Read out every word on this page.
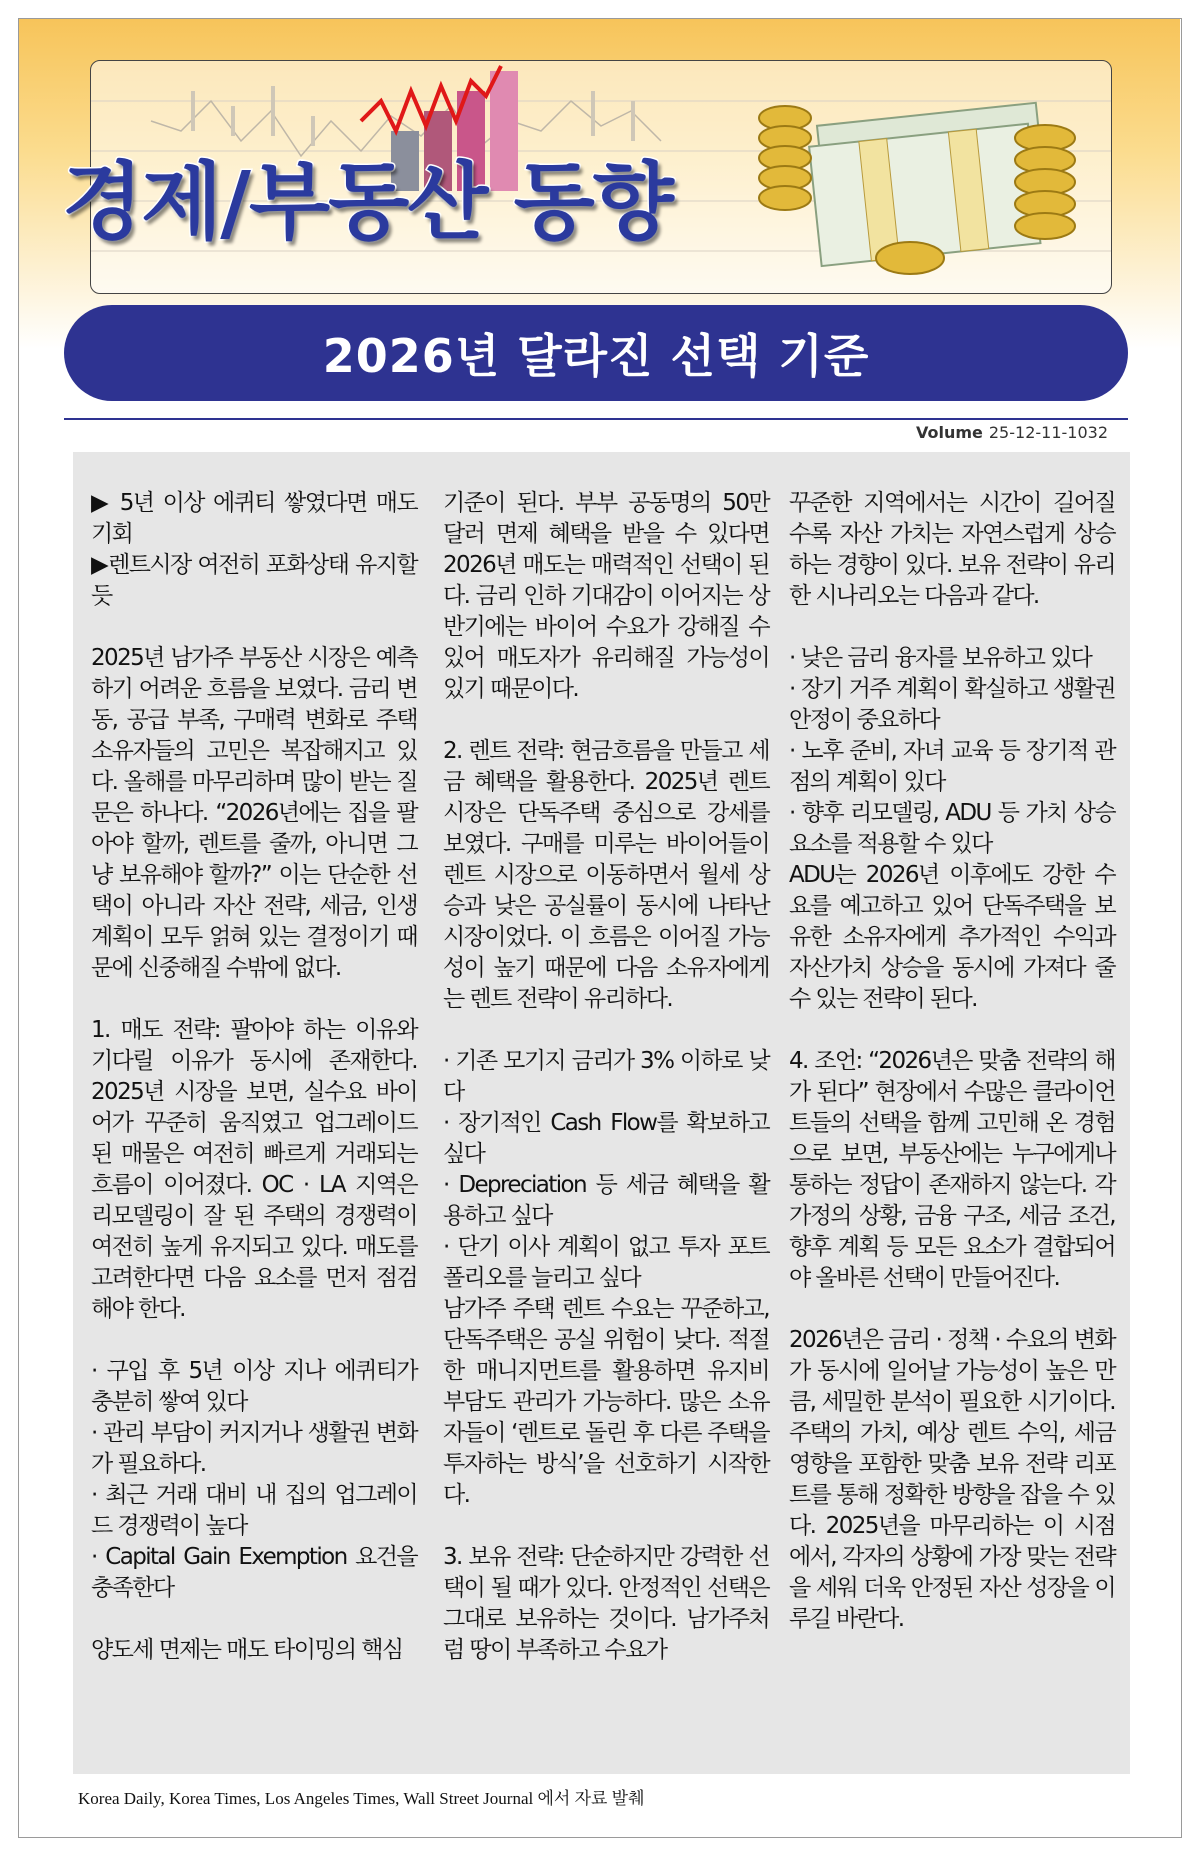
경제/부동산 동향
2026년 달라진 선택 기준
Volume 25-12-11-1032

▶ 5년 이상 에퀴티 쌓였다면 매도 기회

▶렌트시장 여전히 포화상태 유지할 듯

2025년 남가주 부동산 시장은 예측하기 어려운 흐름을 보였다. 금리 변동, 공급 부족, 구매력 변화로 주택 소유자들의 고민은 복잡해지고 있다. 올해를 마무리하며 많이 받는 질문은 하나다. “2026년에는 집을 팔아야 할까, 렌트를 줄까, 아니면 그냥 보유해야 할까?” 이는 단순한 선택이 아니라 자산 전략, 세금, 인생 계획이 모두 얽혀 있는 결정이기 때문에 신중해질 수밖에 없다.

1. 매도 전략: 팔아야 하는 이유와 기다릴 이유가 동시에 존재한다. 2025년 시장을 보면, 실수요 바이어가 꾸준히 움직였고 업그레이드된 매물은 여전히 빠르게 거래되는 흐름이 이어졌다. OC · LA 지역은 리모델링이 잘 된 주택의 경쟁력이 여전히 높게 유지되고 있다. 매도를 고려한다면 다음 요소를 먼저 점검해야 한다.

· 구입 후 5년 이상 지나 에퀴티가 충분히 쌓여 있다

· 관리 부담이 커지거나 생활권 변화가 필요하다.

· 최근 거래 대비 내 집의 업그레이드 경쟁력이 높다

· Capital Gain Exemption 요건을 충족한다

양도세 면제는 매도 타이밍의 핵심

기준이 된다. 부부 공동명의 50만 달러 면제 혜택을 받을 수 있다면 2026년 매도는 매력적인 선택이 된다. 금리 인하 기대감이 이어지는 상반기에는 바이어 수요가 강해질 수 있어 매도자가 유리해질 가능성이 있기 때문이다.

2. 렌트 전략: 현금흐름을 만들고 세금 혜택을 활용한다. 2025년 렌트 시장은 단독주택 중심으로 강세를 보였다. 구매를 미루는 바이어들이 렌트 시장으로 이동하면서 월세 상승과 낮은 공실률이 동시에 나타난 시장이었다. 이 흐름은 이어질 가능성이 높기 때문에 다음 소유자에게는 렌트 전략이 유리하다.

· 기존 모기지 금리가 3% 이하로 낮다

· 장기적인 Cash Flow를 확보하고 싶다

· Depreciation 등 세금 혜택을 활용하고 싶다

· 단기 이사 계획이 없고 투자 포트폴리오를 늘리고 싶다

남가주 주택 렌트 수요는 꾸준하고, 단독주택은 공실 위험이 낮다. 적절한 매니지먼트를 활용하면 유지비 부담도 관리가 가능하다. 많은 소유자들이 ‘렌트로 돌린 후 다른 주택을 투자하는 방식’을 선호하기 시작한다.

3. 보유 전략: 단순하지만 강력한 선택이 될 때가 있다. 안정적인 선택은 그대로 보유하는 것이다. 남가주처럼 땅이 부족하고 수요가

꾸준한 지역에서는 시간이 길어질수록 자산 가치는 자연스럽게 상승하는 경향이 있다. 보유 전략이 유리한 시나리오는 다음과 같다.

· 낮은 금리 융자를 보유하고 있다

· 장기 거주 계획이 확실하고 생활권 안정이 중요하다

· 노후 준비, 자녀 교육 등 장기적 관점의 계획이 있다

· 향후 리모델링, ADU 등 가치 상승 요소를 적용할 수 있다

ADU는 2026년 이후에도 강한 수요를 예고하고 있어 단독주택을 보유한 소유자에게 추가적인 수익과 자산가치 상승을 동시에 가져다 줄 수 있는 전략이 된다.

4. 조언: “2026년은 맞춤 전략의 해가 된다” 현장에서 수많은 클라이언트들의 선택을 함께 고민해 온 경험으로 보면, 부동산에는 누구에게나 통하는 정답이 존재하지 않는다. 각 가정의 상황, 금융 구조, 세금 조건, 향후 계획 등 모든 요소가 결합되어야 올바른 선택이 만들어진다.

2026년은 금리 · 정책 · 수요의 변화가 동시에 일어날 가능성이 높은 만큼, 세밀한 분석이 필요한 시기이다. 주택의 가치, 예상 렌트 수익, 세금 영향을 포함한 맞춤 보유 전략 리포트를 통해 정확한 방향을 잡을 수 있다. 2025년을 마무리하는 이 시점에서, 각자의 상황에 가장 맞는 전략을 세워 더욱 안정된 자산 성장을 이루길 바란다.

Korea Daily, Korea Times, Los Angeles Times, Wall Street Journal 에서 자료 발췌
